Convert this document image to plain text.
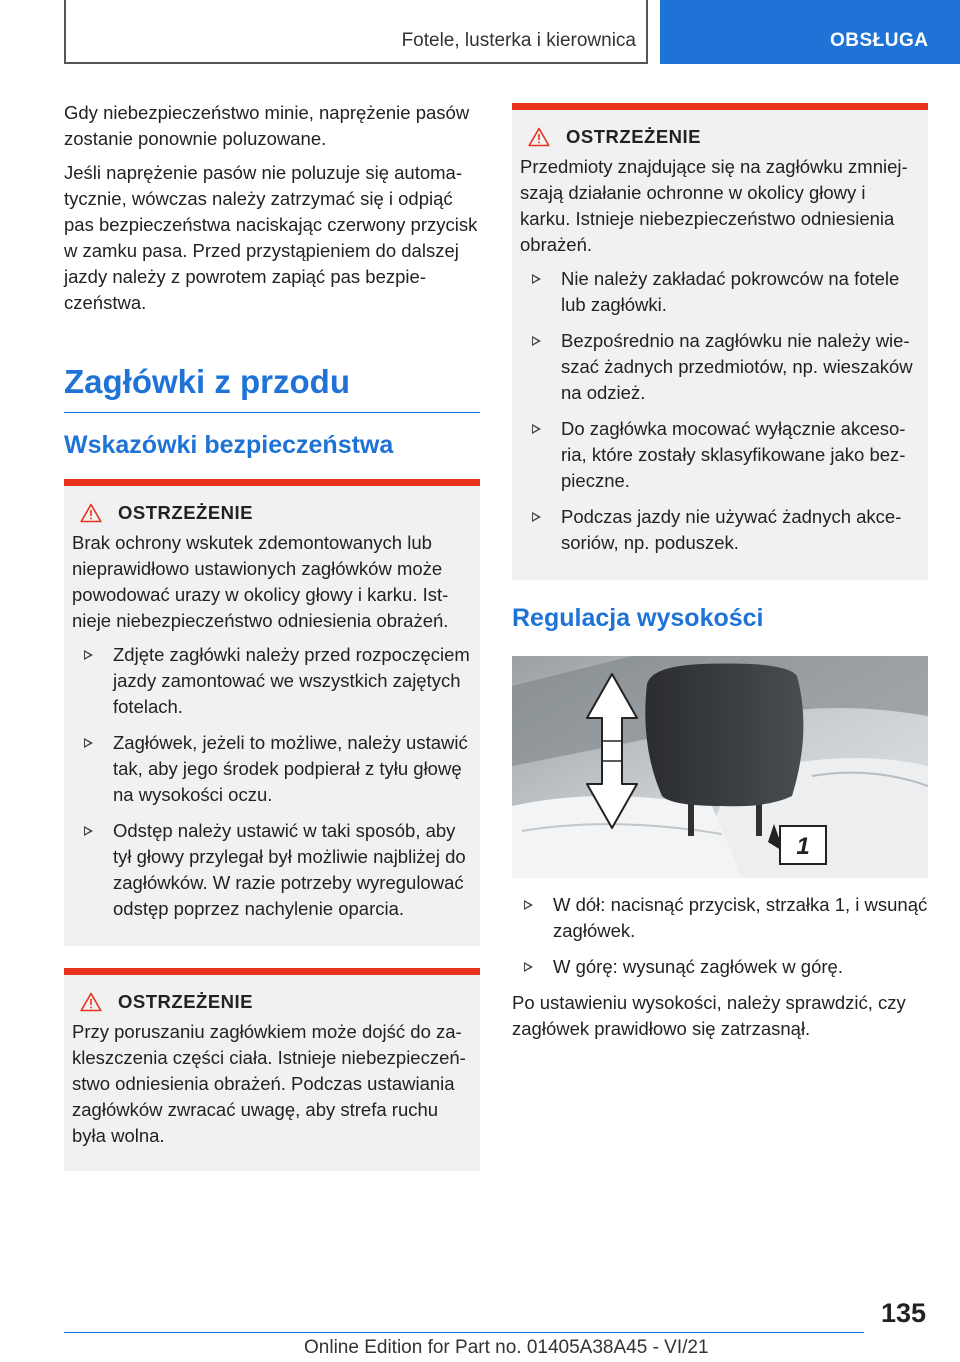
Fotele, lusterka i kierownica	OBSŁUGA

Gdy niebezpieczeństwo minie, naprężenie pasów zostanie ponownie poluzowane.

Jeśli naprężenie pasów nie poluzuje się automatycznie, wówczas należy zatrzymać się i odpiąć pas bezpieczeństwa naciskając czerwony przycisk w zamku pasa. Przed przystąpieniem do dalszej jazdy należy z powrotem zapiąć pas bezpieczeństwa.

Zagłówki z przodu
Wskazówki bezpieczeństwa
OSTRZEŻENIE

Brak ochrony wskutek zdemontowanych lub nieprawidłowo ustawionych zagłówków może powodować urazy w okolicy głowy i karku. Istnieje niebezpieczeństwo odniesienia obrażeń.

Zdjęte zagłówki należy przed rozpoczęciem jazdy zamontować we wszystkich zajętych fotelach.
Zagłówek, jeżeli to możliwe, należy ustawić tak, aby jego środek podpierał z tyłu głowę na wysokości oczu.
Odstęp należy ustawić w taki sposób, aby tył głowy przylegał był możliwie najbliżej do zagłówków. W razie potrzeby wyregulować odstęp poprzez nachylenie oparcia.
OSTRZEŻENIE

Przy poruszaniu zagłówkiem może dojść do zakleszczenia części ciała. Istnieje niebezpieczeństwo odniesienia obrażeń. Podczas ustawiania zagłówków zwracać uwagę, aby strefa ruchu była wolna.

OSTRZEŻENIE

Przedmioty znajdujące się na zagłówku zmniejszają działanie ochronne w okolicy głowy i karku. Istnieje niebezpieczeństwo odniesienia obrażeń.

Nie należy zakładać pokrowców na fotele lub zagłówki.
Bezpośrednio na zagłówku nie należy wieszać żadnych przedmiotów, np. wieszaków na odzież.
Do zagłówka mocować wyłącznie akcesoria, które zostały sklasyfikowane jako bezpieczne.
Podczas jazdy nie używać żadnych akcesoriów, np. poduszek.
Regulacja wysokości
1
W dół: nacisnąć przycisk, strzałka 1, i wsunąć zagłówek.
W górę: wysunąć zagłówek w górę.

Po ustawieniu wysokości, należy sprawdzić, czy zagłówek prawidłowo się zatrzasnął.

135
Online Edition for Part no. 01405A38A45 - VI/21
